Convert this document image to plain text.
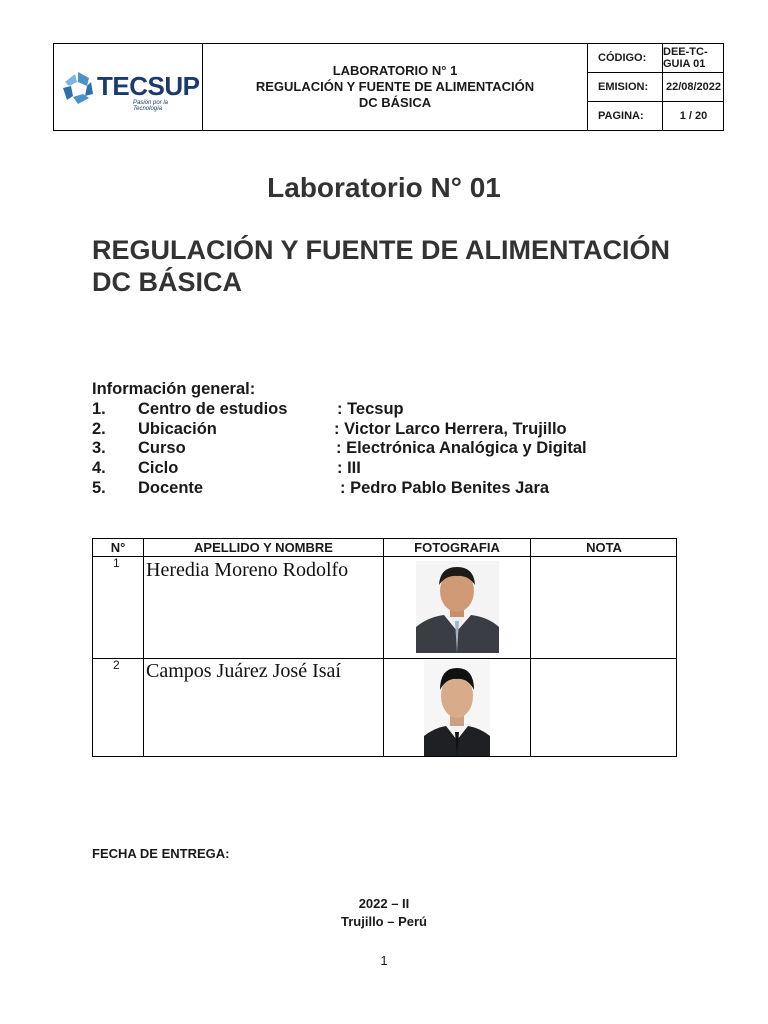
TECSUP
Pasión por la Tecnología
LABORATORIO N° 1
REGULACIÓN Y FUENTE DE ALIMENTACIÓN
DC BÁSICA
CÓDIGO:	DEE-TC-GUIA 01
EMISION:	22/08/2022
PAGINA:	1 / 20
Laboratorio N° 01
REGULACIÓN Y FUENTE DE ALIMENTACIÓN
DC BÁSICA
Información general:
1. Centro de estudios	: Tecsup
2. Ubicación	: Victor Larco Herrera, Trujillo
3. Curso	: Electrónica Analógica y Digital
4. Ciclo	: III
5. Docente	: Pedro Pablo Benites Jara
N°	APELLIDO Y NOMBRE	FOTOGRAFIA	NOTA
1 Heredia Moreno Rodolfo
2 Campos Juárez José Isaí
FECHA DE ENTREGA:
2022 – II
Trujillo – Perú
1
